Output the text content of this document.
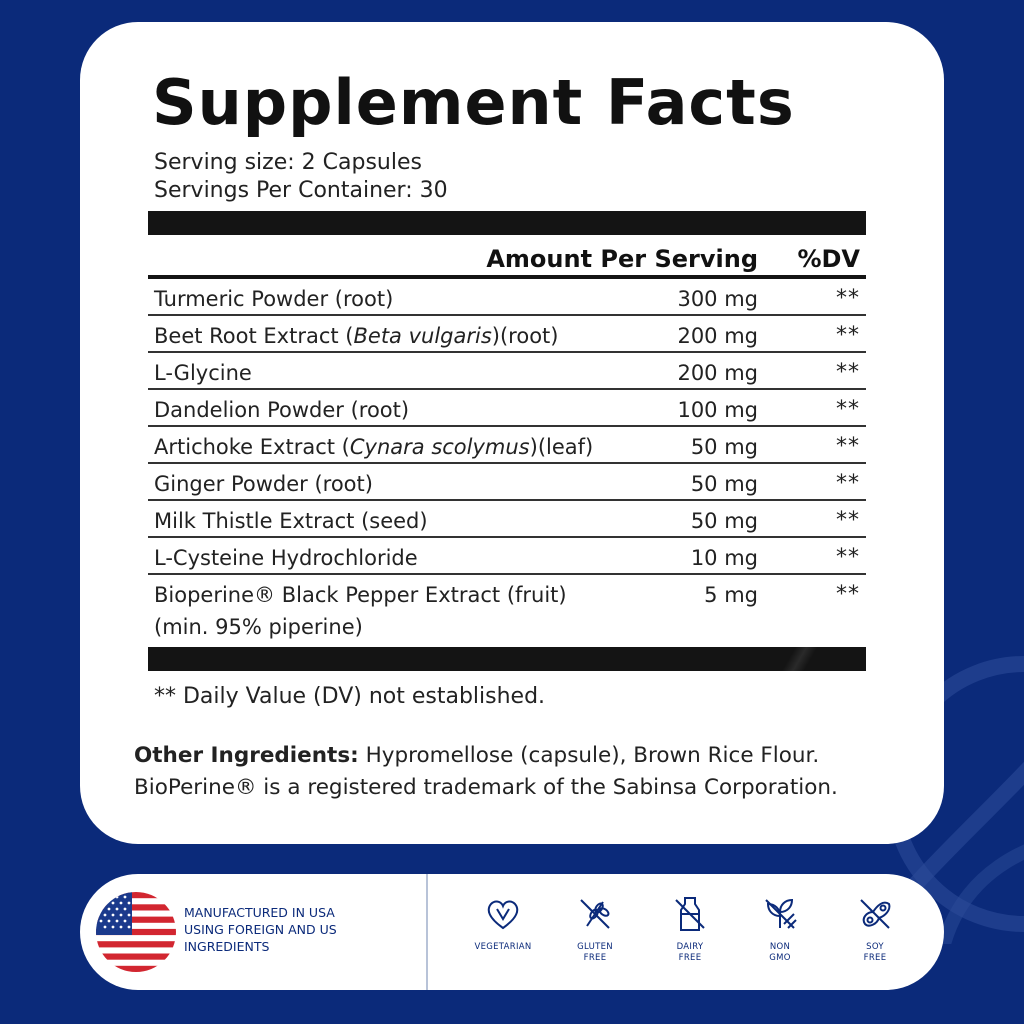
Supplement Facts
Serving size: 2 Capsules
Servings Per Container: 30
Amount Per Serving %DV
Turmeric Powder (root)	300 mg	**
Beet Root Extract (Beta vulgaris)(root)	200 mg	**
L-Glycine	200 mg	**
Dandelion Powder (root)	100 mg	**
Artichoke Extract (Cynara scolymus)(leaf)	50 mg	**
Ginger Powder (root)	50 mg	**
Milk Thistle Extract (seed)	50 mg	**
L-Cysteine Hydrochloride	10 mg	**
Bioperine® Black Pepper Extract (fruit)
(min. 95% piperine)
5 mg	**
** Daily Value (DV) not established.
Other Ingredients: Hypromellose (capsule), Brown Rice Flour.
BioPerine® is a registered trademark of the Sabinsa Corporation.
MANUFACTURED IN USA
USING FOREIGN AND US
INGREDIENTS	VEGETARIAN	GLUTEN
FREE
DAIRY
FREE
NON
GMO
SOY
FREE
